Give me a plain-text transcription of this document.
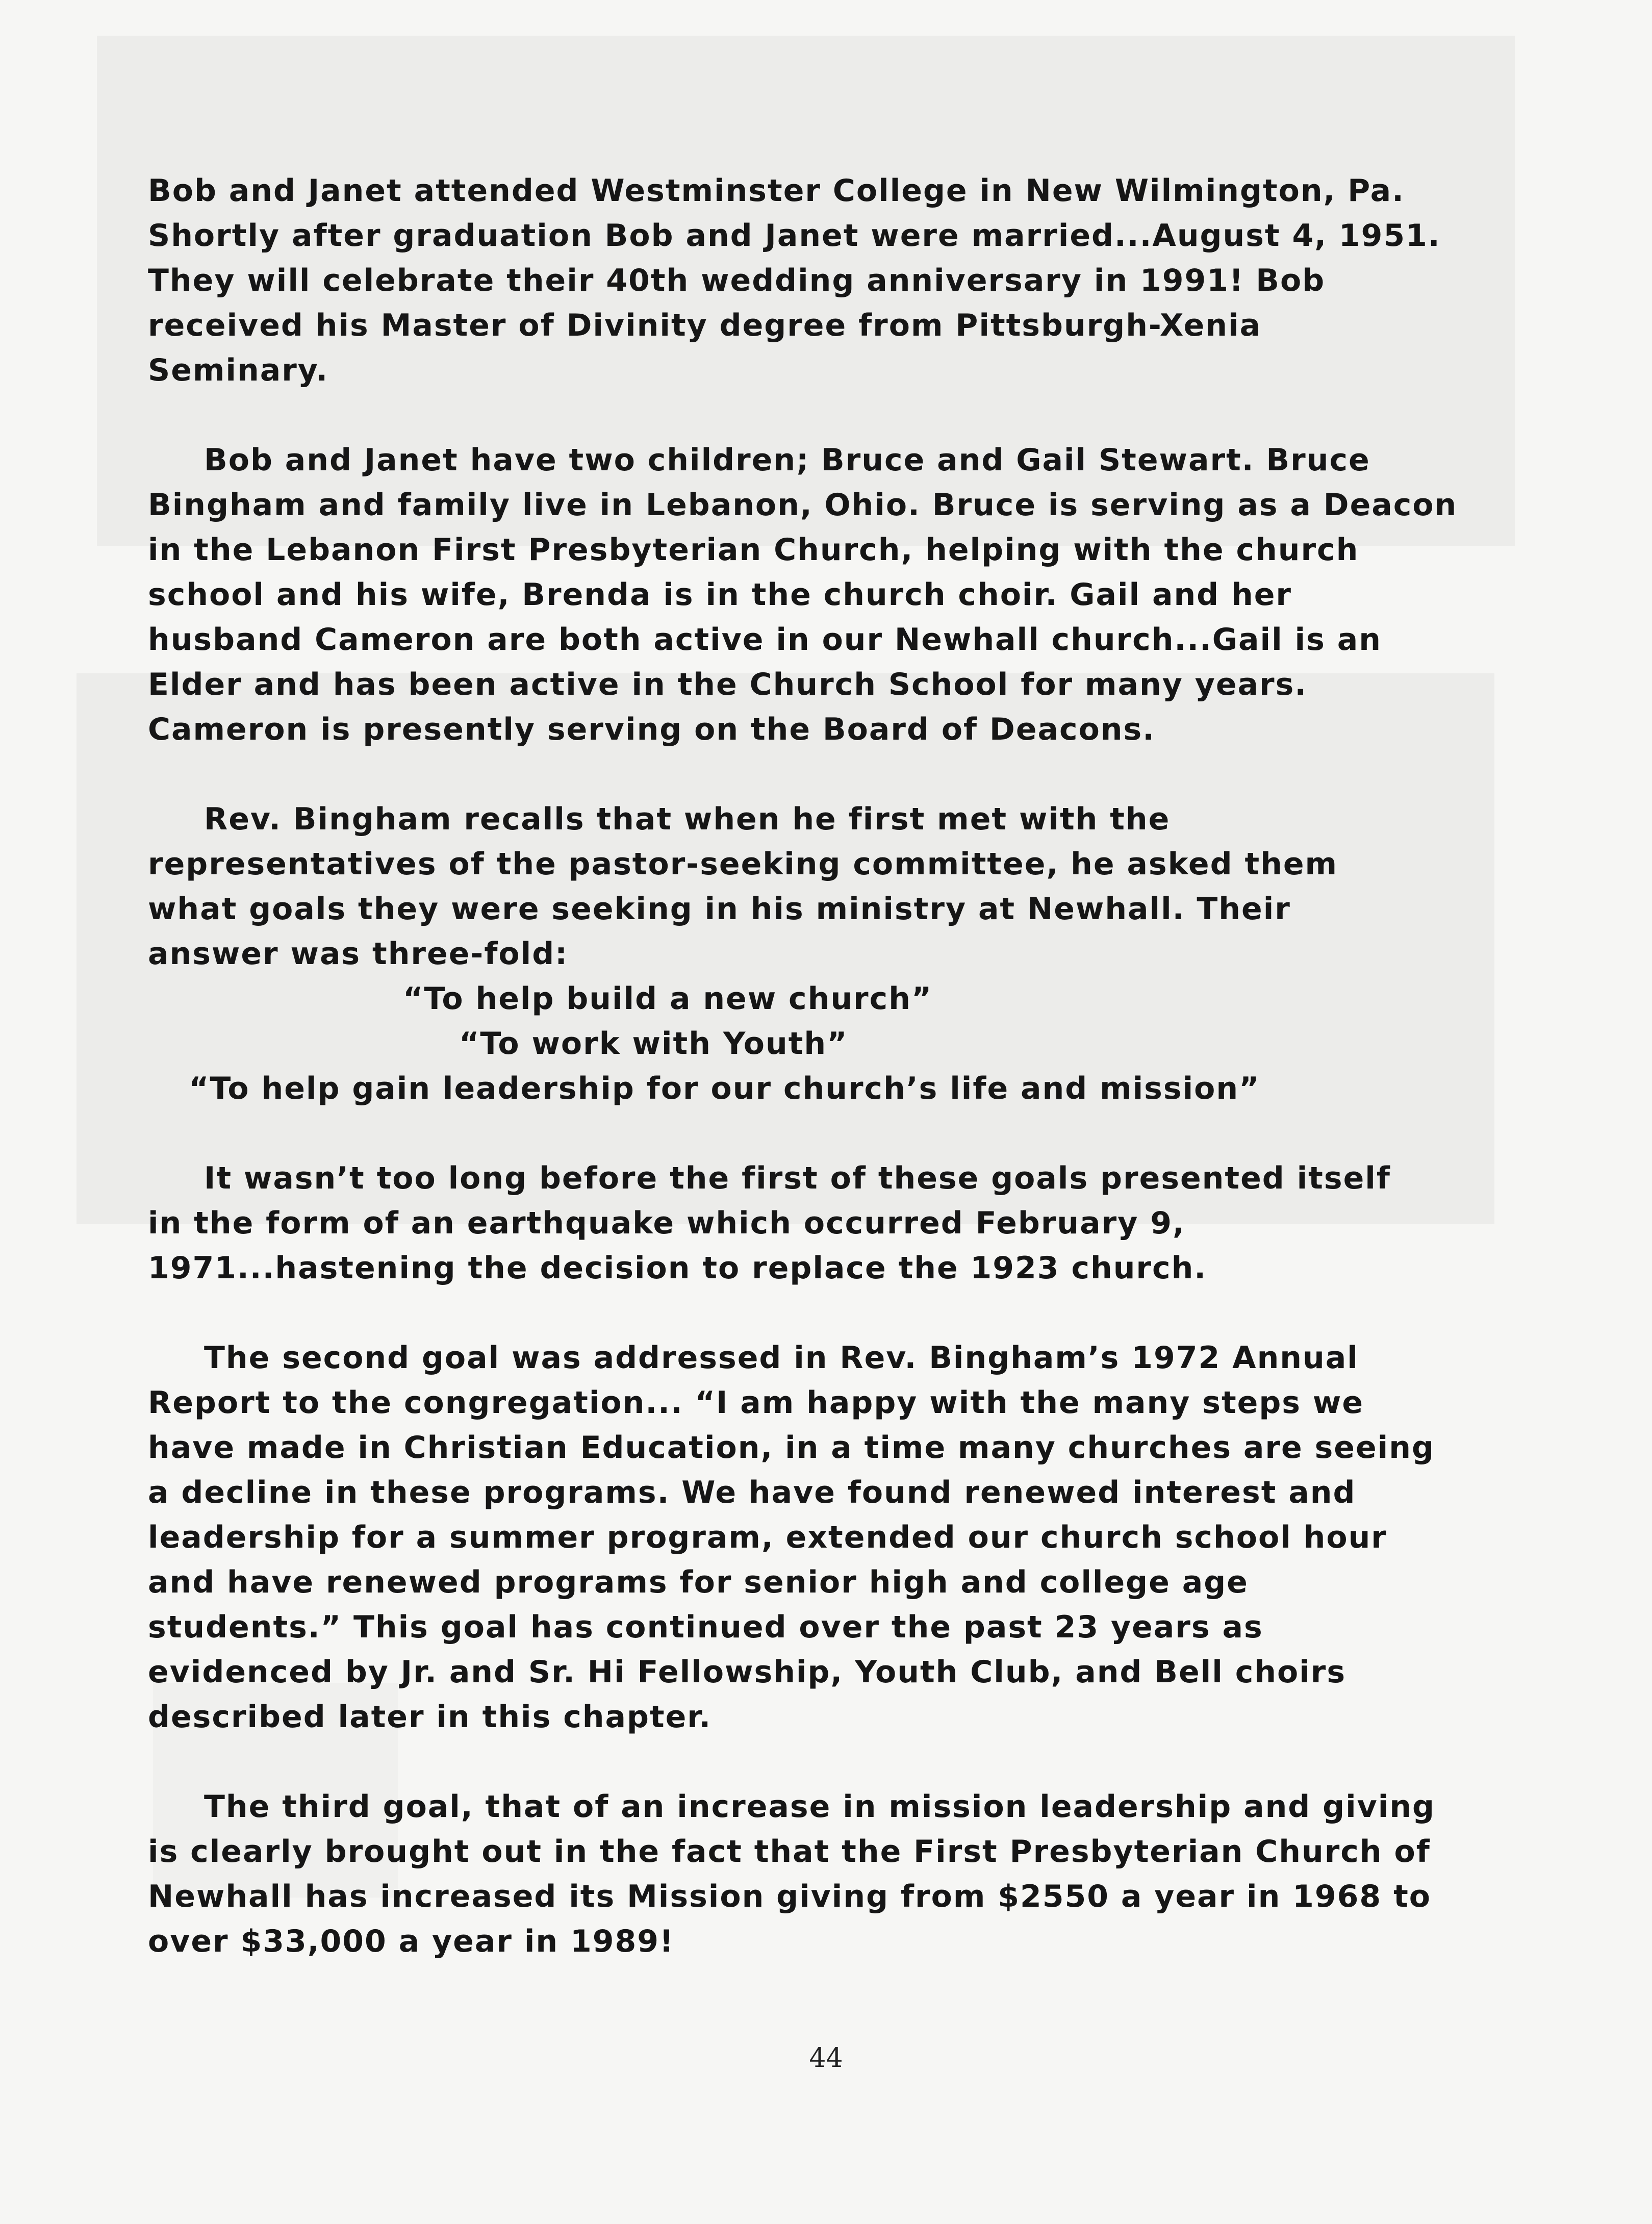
Bob and Janet attended Westminster College in New Wilmington, Pa.
Shortly after graduation Bob and Janet were married...August 4, 1951.
They will celebrate their 40th wedding anniversary in 1991! Bob
received his Master of Divinity degree from Pittsburgh-Xenia
Seminary.

Bob and Janet have two children; Bruce and Gail Stewart. Bruce
Bingham and family live in Lebanon, Ohio. Bruce is serving as a Deacon
in the Lebanon First Presbyterian Church, helping with the church
school and his wife, Brenda is in the church choir. Gail and her
husband Cameron are both active in our Newhall church...Gail is an
Elder and has been active in the Church School for many years.
Cameron is presently serving on the Board of Deacons.

Rev. Bingham recalls that when he first met with the
representatives of the pastor-seeking committee, he asked them
what goals they were seeking in his ministry at Newhall. Their
answer was three-fold:

“To help build a new church”
“To work with Youth”
“To help gain leadership for our church’s life and mission”

It wasn’t too long before the first of these goals presented itself
in the form of an earthquake which occurred February 9,
1971...hastening the decision to replace the 1923 church.

The second goal was addressed in Rev. Bingham’s 1972 Annual
Report to the congregation... “I am happy with the many steps we
have made in Christian Education, in a time many churches are seeing
a decline in these programs. We have found renewed interest and
leadership for a summer program, extended our church school hour
and have renewed programs for senior high and college age
students.” This goal has continued over the past 23 years as
evidenced by Jr. and Sr. Hi Fellowship, Youth Club, and Bell choirs
described later in this chapter.

The third goal, that of an increase in mission leadership and giving
is clearly brought out in the fact that the First Presbyterian Church of
Newhall has increased its Mission giving from $2550 a year in 1968 to
over $33,000 a year in 1989!

44
